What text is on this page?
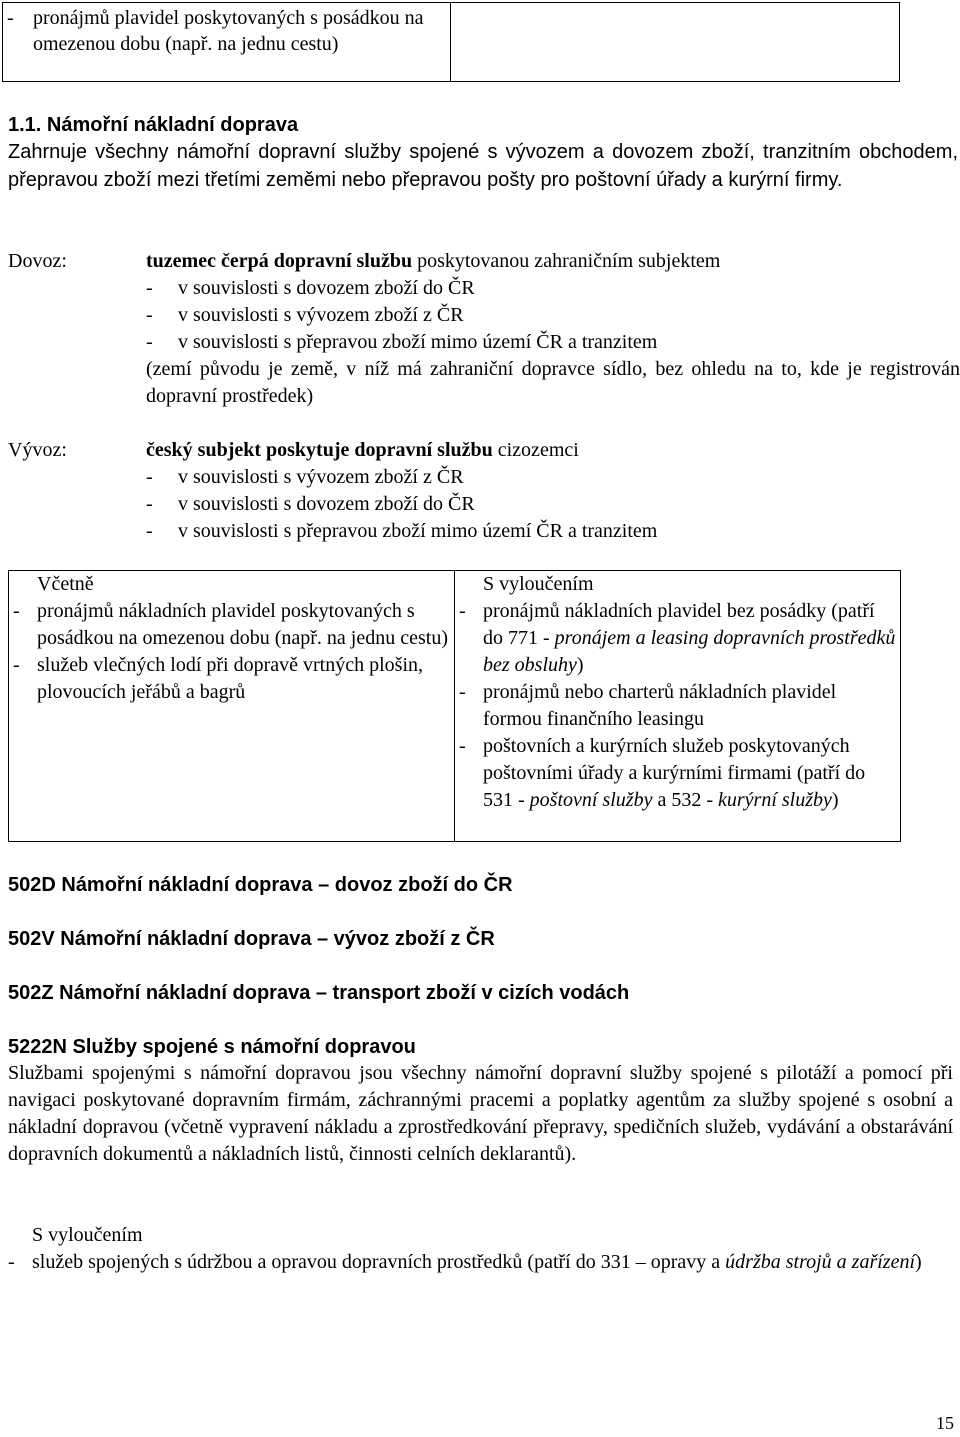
- pronájmů plavidel poskytovaných s posádkou na omezenou dobu (např. na jednu cestu)
1.1. Námořní nákladní doprava
Zahrnuje všechny námořní dopravní služby spojené s vývozem a dovozem zboží, tranzitním obchodem, přepravou zboží mezi třetími zeměmi nebo přepravou pošty pro poštovní úřady a kurýrní firmy.
Dovoz:	tuzemec čerpá dopravní službu poskytovanou zahraničním subjektem
- v souvislosti s dovozem zboží do ČR
- v souvislosti s vývozem zboží z ČR
- v souvislosti s přepravou zboží mimo území ČR a tranzitem
(zemí původu je země, v níž má zahraniční dopravce sídlo, bez ohledu na to, kde je registrován dopravní prostředek)
Vývoz:	český subjekt poskytuje dopravní službu cizozemci
- v souvislosti s vývozem zboží z ČR
- v souvislosti s dovozem zboží do ČR
- v souvislosti s přepravou zboží mimo území ČR a tranzitem
Včetně
- pronájmů nákladních plavidel poskytovaných s posádkou na omezenou dobu (např. na jednu cestu)
- služeb vlečných lodí při dopravě vrtných plošin, plovoucích jeřábů a bagrů
S vyloučením
- pronájmů nákladních plavidel bez posádky (patří do 771 - pronájem a leasing dopravních prostředků bez obsluhy)
- pronájmů nebo charterů nákladních plavidel formou finančního leasingu
- poštovních a kurýrních služeb poskytovaných poštovními úřady a kurýrními firmami (patří do 531 - poštovní služby a 532 - kurýrní služby)
502D Námořní nákladní doprava – dovoz zboží do ČR
502V Námořní nákladní doprava – vývoz zboží z ČR
502Z Námořní nákladní doprava – transport zboží v cizích vodách
5222N Služby spojené s námořní dopravou
Službami spojenými s námořní dopravou jsou všechny námořní dopravní služby spojené s pilotáží a pomocí při navigaci poskytované dopravním firmám, záchrannými pracemi a poplatky agentům za služby spojené s osobní a nákladní dopravou (včetně vypravení nákladu a zprostředkování přepravy, spedičních služeb, vydávání a obstarávání dopravních dokumentů a nákladních listů, činnosti celních deklarantů).
S vyloučením
- služeb spojených s údržbou a opravou dopravních prostředků (patří do 331 – opravy a údržba strojů a zařízení)
15
